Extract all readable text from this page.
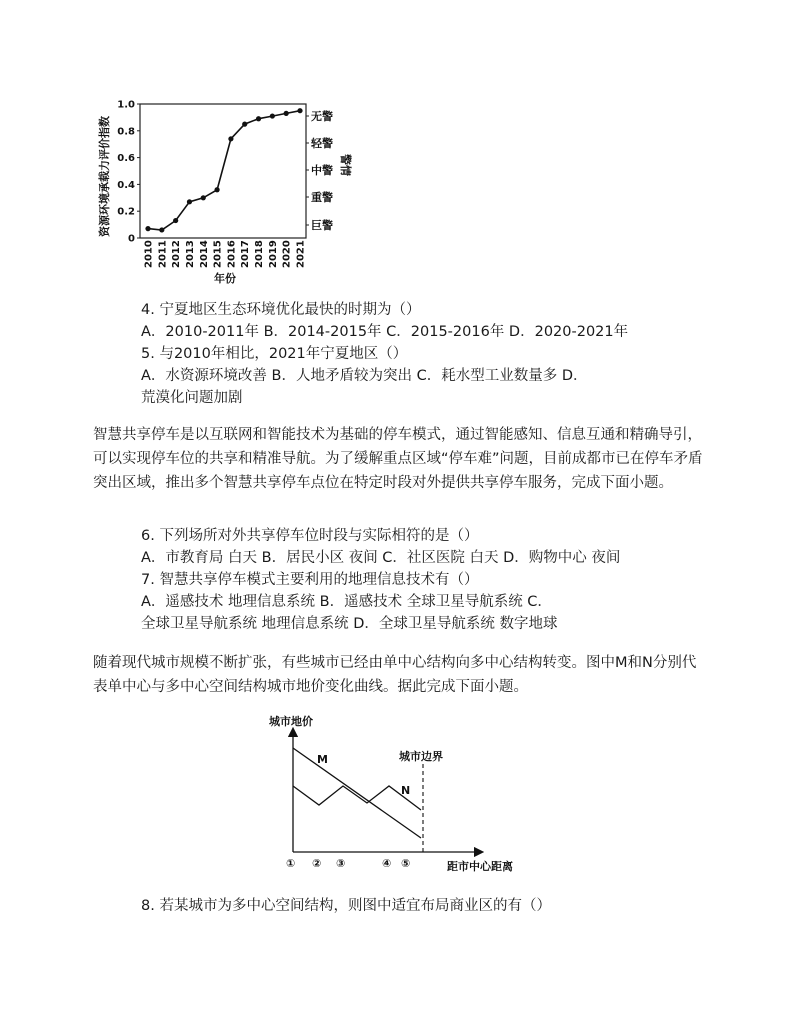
资源环境承载力评价指数
0
0.2
0.4
0.6
0.8
1.0
无警
轻警
中警
重警
巨警
警情
2010 2011 2012 2013 2014 2015 2016 2017 2018 2019 2020 2021
年份
4. 宁夏地区生态环境优化最快的时期为（）
A．2010-2011年 B．2014-2015年 C．2015-2016年 D．2020-2021年
5. 与2010年相比，2021年宁夏地区（）
A．水资源环境改善 B．人地矛盾较为突出 C．耗水型工业数量多 D．
荒漠化问题加剧
智慧共享停车是以互联网和智能技术为基础的停车模式，通过智能感知、信息互通和精确导引，可以实现停车位的共享和精准导航。为了缓解重点区域“停车难”问题，目前成都市已在停车矛盾突出区域，推出多个智慧共享停车点位在特定时段对外提供共享停车服务，完成下面小题。
6. 下列场所对外共享停车位时段与实际相符的是（）
A．市教育局 白天 B．居民小区 夜间 C．社区医院 白天 D．购物中心 夜间
7. 智慧共享停车模式主要利用的地理信息技术有（）
A．遥感技术 地理信息系统 B．遥感技术 全球卫星导航系统 C．
全球卫星导航系统 地理信息系统 D．全球卫星导航系统 数字地球
随着现代城市规模不断扩张，有些城市已经由单中心结构向多中心结构转变。图中M和N分别代表单中心与多中心空间结构城市地价变化曲线。据此完成下面小题。
城市地价
M
N
城市边界
距市中心距离
① ② ③	④ ⑤
8. 若某城市为多中心空间结构，则图中适宜布局商业区的有（）
